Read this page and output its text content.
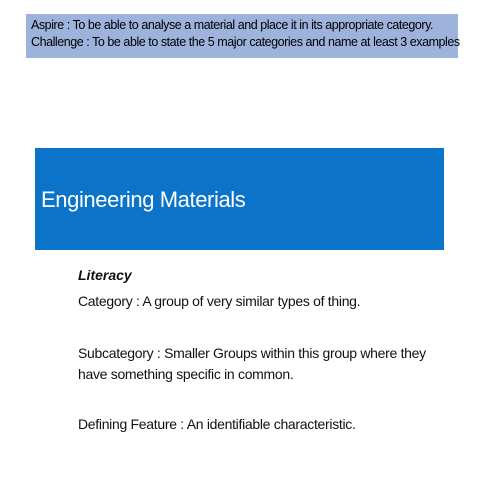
Aspire : To be able to analyse a material and place it in its appropriate category.
Challenge : To be able to state the 5 major categories and name at least 3 examples
Engineering Materials
Literacy
Category : A group of very similar types of thing.
Subcategory : Smaller Groups within this group where they
have something specific in common.
Defining Feature : An identifiable characteristic.
